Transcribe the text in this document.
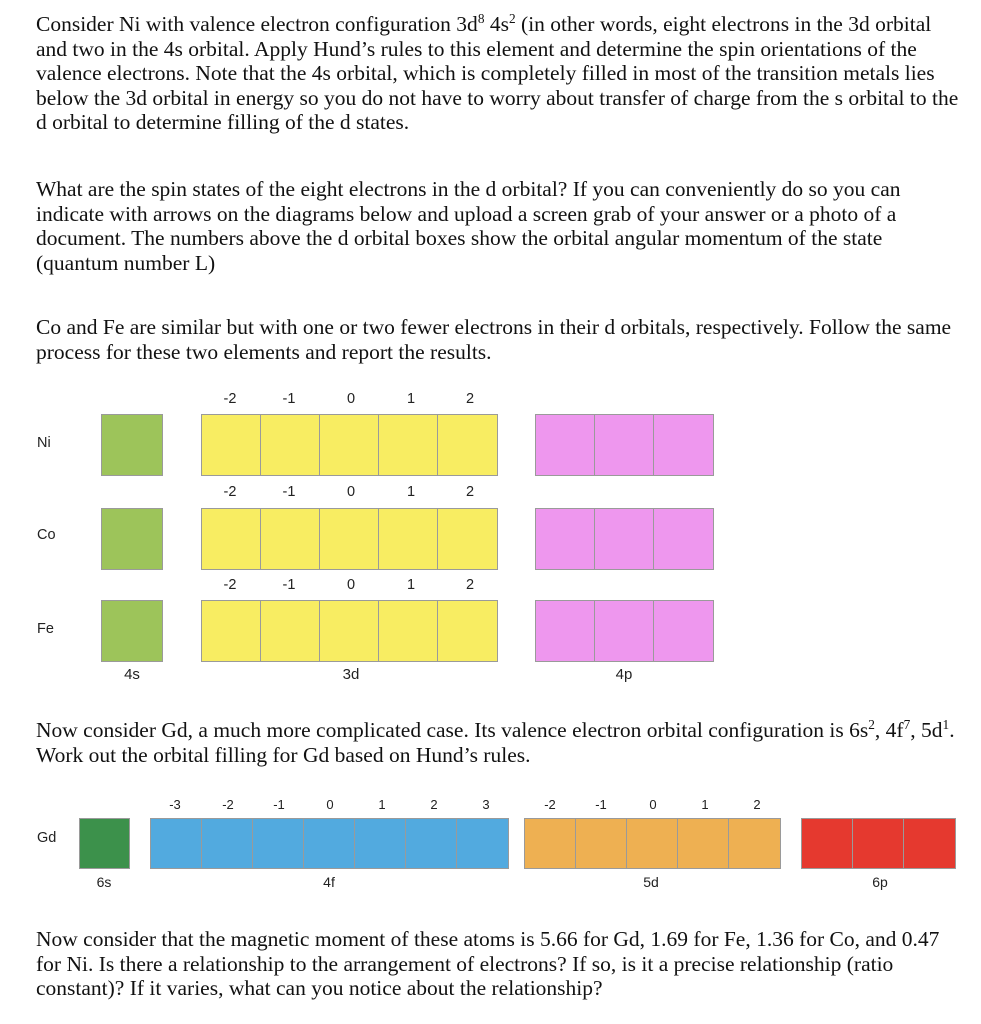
Consider Ni with valence electron configuration $3d^8$ $4s^2$ (in other words, eight electrons in the 3d orbital and two in the 4s orbital. Apply Hund’s rules to this element and determine the spin orientations of the valence electrons. Note that the 4s orbital, which is completely filled in most of the transition metals lies below the 3d orbital in energy so you do not have to worry about transfer of charge from the s orbital to the d orbital to determine filling of the d states.

What are the spin states of the eight electrons in the d orbital? If you can conveniently do so you can indicate with arrows on the diagrams below and upload a screen grab of your answer or a photo of a document. The numbers above the d orbital boxes show the orbital angular momentum of the state (quantum number L)

Co and Fe are similar but with one or two fewer electrons in their d orbitals, respectively. Follow the same process for these two elements and report the results.

Ni
-2	-1	0	1	2
Co
-2	-1	0	1	2
Fe
-2	-1	0	1	2
4s	3d	4p

Now consider Gd, a much more complicated case. Its valence electron orbital configuration is $6s^2$, $4f^7$, $5d^1$. Work out the orbital filling for Gd based on Hund’s rules.

Gd
-3	-2	-1	0	1	2	3	-2	-1	0	1	2
6s	4f	5d	6p

Now consider that the magnetic moment of these atoms is 5.66 for Gd, 1.69 for Fe, 1.36 for Co, and 0.47 for Ni. Is there a relationship to the arrangement of electrons? If so, is it a precise relationship (ratio constant)? If it varies, what can you notice about the relationship?
